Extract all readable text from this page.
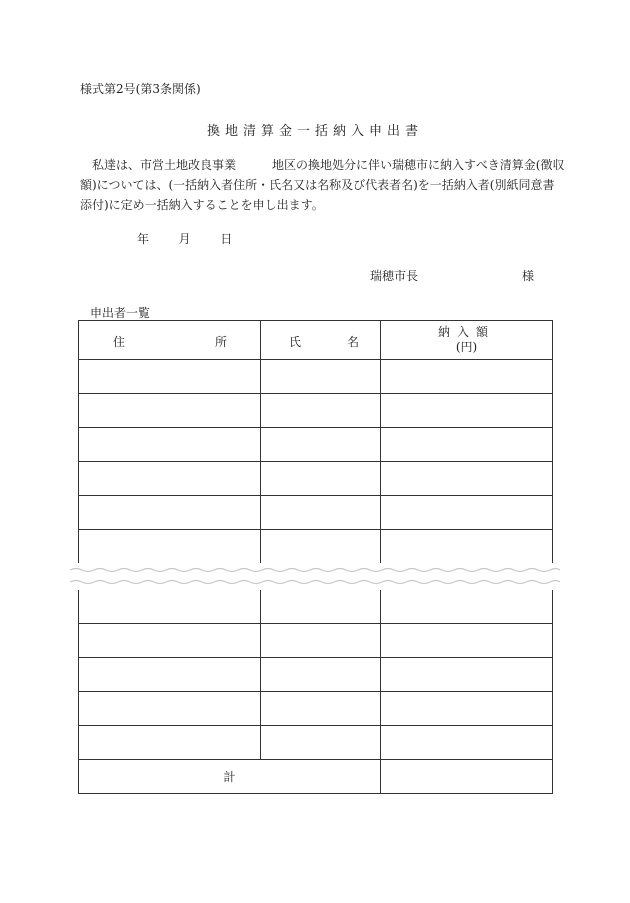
様式第2号(第3条関係)
換地清算金一括納入申出書
　私達は、市営土地改良事業　　　地区の換地処分に伴い瑞穂市に納入すべき清算金(徴収
額)については、(一括納入者住所・氏名又は名称及び代表者名)を一括納入者(別紙同意書
添付)に定め一括納入することを申し出ます。
年 月 日
瑞穂市長	様
申出者一覧
住 所	氏 名	納入額
(円)

計		
